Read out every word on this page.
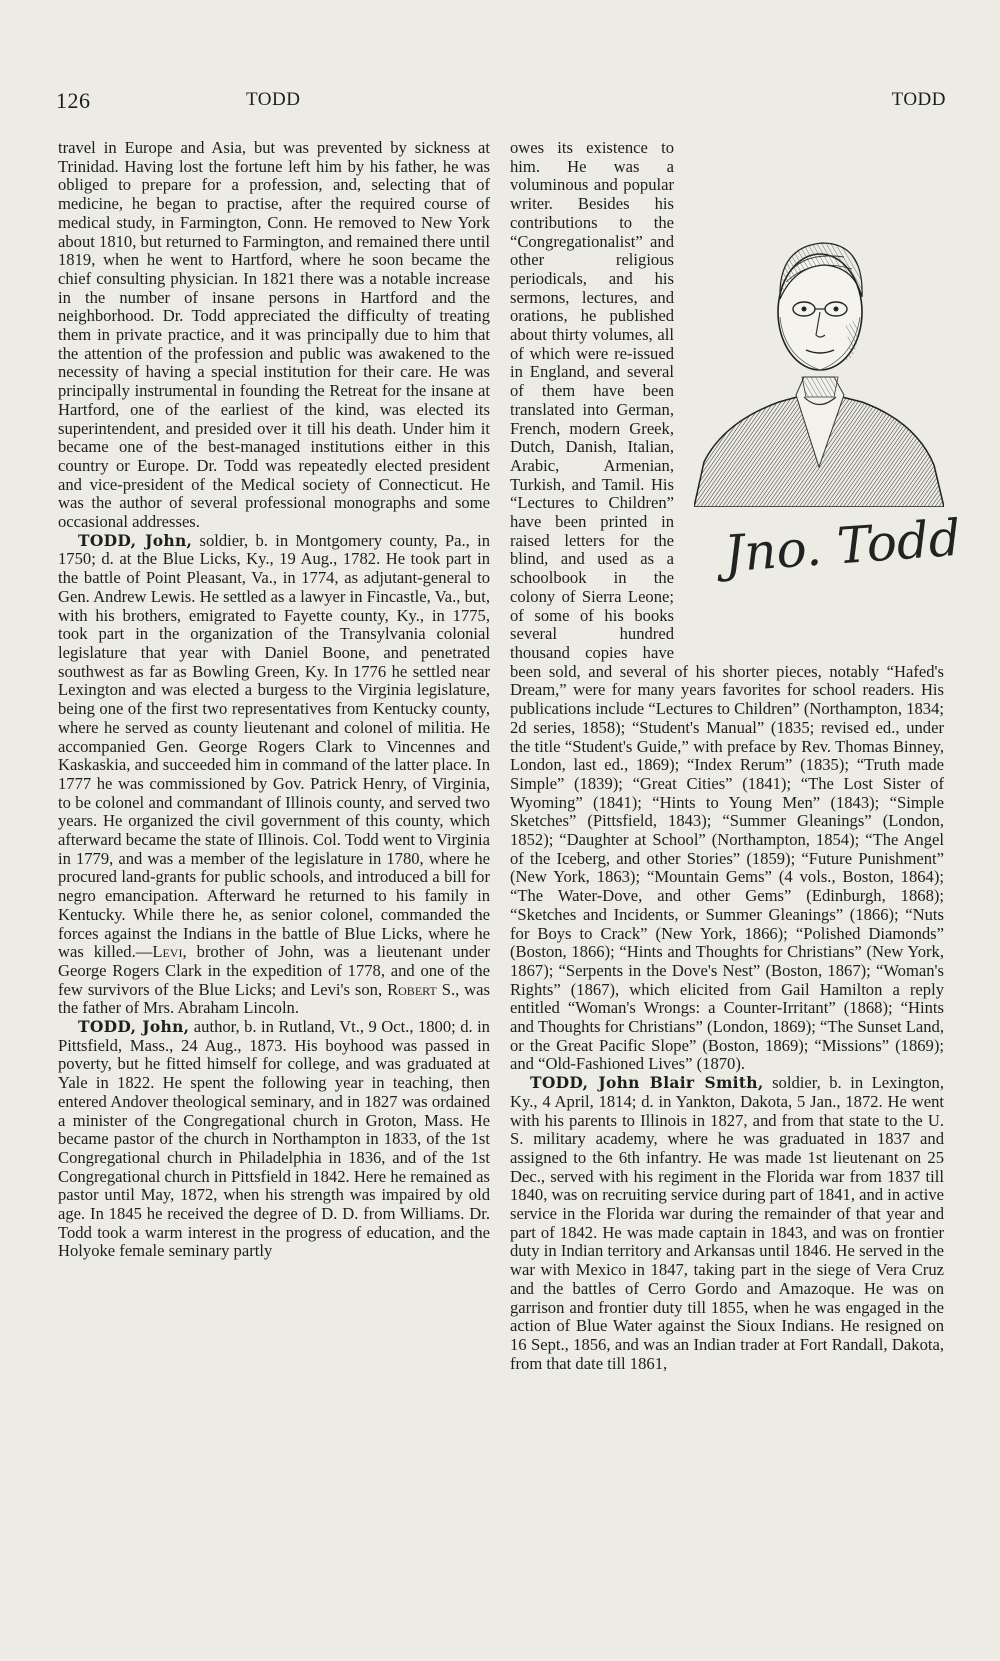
126	TODD	TODD

travel in Europe and Asia, but was prevented by sickness at Trinidad. Having lost the fortune left him by his father, he was obliged to prepare for a profession, and, selecting that of medicine, he began to practise, after the required course of medical study, in Farmington, Conn. He removed to New York about 1810, but returned to Farmington, and remained there until 1819, when he went to Hartford, where he soon became the chief consulting physician. In 1821 there was a notable increase in the number of insane persons in Hartford and the neighborhood. Dr. Todd appreciated the difficulty of treating them in private practice, and it was principally due to him that the attention of the profession and public was awakened to the necessity of having a special institution for their care. He was principally instrumental in founding the Retreat for the insane at Hartford, one of the earliest of the kind, was elected its superintendent, and presided over it till his death. Under him it became one of the best-managed institutions either in this country or Europe. Dr. Todd was repeatedly elected president and vice-president of the Medical society of Connecticut. He was the author of several professional monographs and some occasional addresses.

TODD, John, soldier, b. in Montgomery county, Pa., in 1750; d. at the Blue Licks, Ky., 19 Aug., 1782. He took part in the battle of Point Pleasant, Va., in 1774, as adjutant-general to Gen. Andrew Lewis. He settled as a lawyer in Fincastle, Va., but, with his brothers, emigrated to Fayette county, Ky., in 1775, took part in the organization of the Transylvania colonial legislature that year with Daniel Boone, and penetrated southwest as far as Bowling Green, Ky. In 1776 he settled near Lexington and was elected a burgess to the Virginia legislature, being one of the first two representatives from Kentucky county, where he served as county lieutenant and colonel of militia. He accompanied Gen. George Rogers Clark to Vincennes and Kaskaskia, and succeeded him in command of the latter place. In 1777 he was commissioned by Gov. Patrick Henry, of Virginia, to be colonel and commandant of Illinois county, and served two years. He organized the civil government of this county, which afterward became the state of Illinois. Col. Todd went to Virginia in 1779, and was a member of the legislature in 1780, where he procured land-grants for public schools, and introduced a bill for negro emancipation. Afterward he returned to his family in Kentucky. While there he, as senior colonel, commanded the forces against the Indians in the battle of Blue Licks, where he was killed.—Levi, brother of John, was a lieutenant under George Rogers Clark in the expedition of 1778, and one of the few survivors of the Blue Licks; and Levi's son, Robert S., was the father of Mrs. Abraham Lincoln.

TODD, John, author, b. in Rutland, Vt., 9 Oct., 1800; d. in Pittsfield, Mass., 24 Aug., 1873. His boyhood was passed in poverty, but he fitted himself for college, and was graduated at Yale in 1822. He spent the following year in teaching, then entered Andover theological seminary, and in 1827 was ordained a minister of the Congregational church in Groton, Mass. He became pastor of the church in Northampton in 1833, of the 1st Congregational church in Philadelphia in 1836, and of the 1st Congregational church in Pittsfield in 1842. Here he remained as pastor until May, 1872, when his strength was impaired by old age. In 1845 he received the degree of D. D. from Williams. Dr. Todd took a warm interest in the progress of education, and the Holyoke female seminary partly

Jno. Todd

owes its existence to him. He was a voluminous and popular writer. Besides his contributions to the “Congregationalist” and other religious periodicals, and his sermons, lectures, and orations, he published about thirty volumes, all of which were re-issued in England, and several of them have been translated into German, French, modern Greek, Dutch, Danish, Italian, Arabic, Armenian, Turkish, and Tamil. His “Lectures to Children” have been printed in raised letters for the blind, and used as a schoolbook in the colony of Sierra Leone; of some of his books several hundred thousand copies have been sold, and several of his shorter pieces, notably “Hafed's Dream,” were for many years favorites for school readers. His publications include “Lectures to Children” (Northampton, 1834; 2d series, 1858); “Student's Manual” (1835; revised ed., under the title “Student's Guide,” with preface by Rev. Thomas Binney, London, last ed., 1869); “Index Rerum” (1835); “Truth made Simple” (1839); “Great Cities” (1841); “The Lost Sister of Wyoming” (1841); “Hints to Young Men” (1843); “Simple Sketches” (Pittsfield, 1843); “Summer Gleanings” (London, 1852); “Daughter at School” (Northampton, 1854); “The Angel of the Iceberg, and other Stories” (1859); “Future Punishment” (New York, 1863); “Mountain Gems” (4 vols., Boston, 1864); “The Water-Dove, and other Gems” (Edinburgh, 1868); “Sketches and Incidents, or Summer Gleanings” (1866); “Nuts for Boys to Crack” (New York, 1866); “Polished Diamonds” (Boston, 1866); “Hints and Thoughts for Christians” (New York, 1867); “Serpents in the Dove's Nest” (Boston, 1867); “Woman's Rights” (1867), which elicited from Gail Hamilton a reply entitled “Woman's Wrongs: a Counter-Irritant” (1868); “Hints and Thoughts for Christians” (London, 1869); “The Sunset Land, or the Great Pacific Slope” (Boston, 1869); “Missions” (1869); and “Old-Fashioned Lives” (1870).

TODD, John Blair Smith, soldier, b. in Lexington, Ky., 4 April, 1814; d. in Yankton, Dakota, 5 Jan., 1872. He went with his parents to Illinois in 1827, and from that state to the U. S. military academy, where he was graduated in 1837 and assigned to the 6th infantry. He was made 1st lieutenant on 25 Dec., served with his regiment in the Florida war from 1837 till 1840, was on recruiting service during part of 1841, and in active service in the Florida war during the remainder of that year and part of 1842. He was made captain in 1843, and was on frontier duty in Indian territory and Arkansas until 1846. He served in the war with Mexico in 1847, taking part in the siege of Vera Cruz and the battles of Cerro Gordo and Amazoque. He was on garrison and frontier duty till 1855, when he was engaged in the action of Blue Water against the Sioux Indians. He resigned on 16 Sept., 1856, and was an Indian trader at Fort Randall, Dakota, from that date till 1861,
